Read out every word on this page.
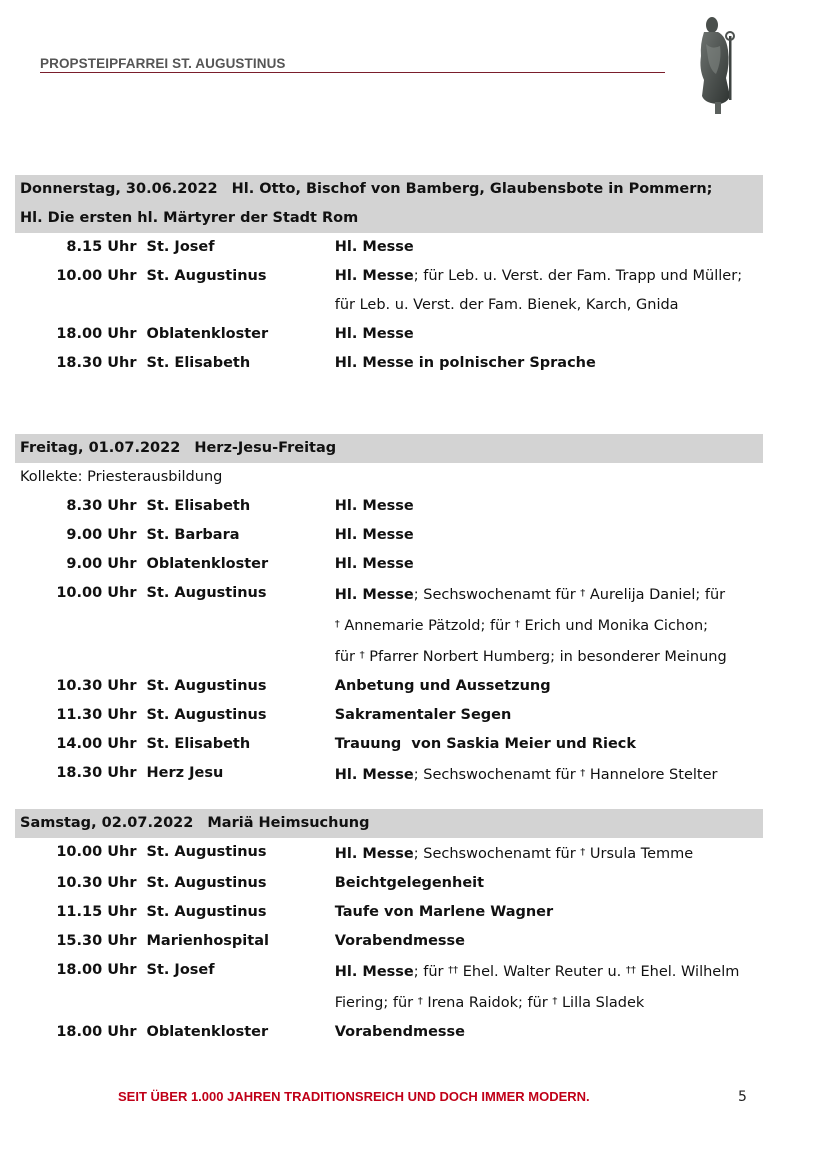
PROPSTEIPFARREI ST. AUGUSTINUS
Donnerstag, 30.06.2022 Hl. Otto, Bischof von Bamberg, Glaubensbote in Pommern;
Hl. Die ersten hl. Märtyrer der Stadt Rom
8.15 Uhr St. Josef	Hl. Messe
10.00 Uhr St. Augustinus	Hl. Messe; für Leb. u. Verst. der Fam. Trapp und Müller;
für Leb. u. Verst. der Fam. Bienek, Karch, Gnida
18.00 Uhr Oblatenkloster	Hl. Messe
18.30 Uhr St. Elisabeth	Hl. Messe in polnischer Sprache
Freitag, 01.07.2022 Herz-Jesu-Freitag
Kollekte: Priesterausbildung
8.30 Uhr St. Elisabeth	Hl. Messe
9.00 Uhr St. Barbara	Hl. Messe
9.00 Uhr Oblatenkloster	Hl. Messe
10.00 Uhr St. Augustinus	Hl. Messe; Sechswochenamt für † Aurelija Daniel; für
† Annemarie Pätzold; für † Erich und Monika Cichon;
für † Pfarrer Norbert Humberg; in besonderer Meinung
10.30 Uhr St. Augustinus	Anbetung und Aussetzung
11.30 Uhr St. Augustinus	Sakramentaler Segen
14.00 Uhr St. Elisabeth	Trauung  von Saskia Meier und Rieck
18.30 Uhr Herz Jesu	Hl. Messe; Sechswochenamt für † Hannelore Stelter
Samstag, 02.07.2022 Mariä Heimsuchung
10.00 Uhr St. Augustinus	Hl. Messe; Sechswochenamt für † Ursula Temme
10.30 Uhr St. Augustinus	Beichtgelegenheit
11.15 Uhr St. Augustinus	Taufe von Marlene Wagner
15.30 Uhr Marienhospital	Vorabendmesse
18.00 Uhr St. Josef	Hl. Messe; für †† Ehel. Walter Reuter u. †† Ehel. Wilhelm
Fiering; für † Irena Raidok; für † Lilla Sladek
18.00 Uhr Oblatenkloster	Vorabendmesse
SEIT ÜBER 1.000 JAHREN TRADITIONSREICH UND DOCH IMMER MODERN.	5
